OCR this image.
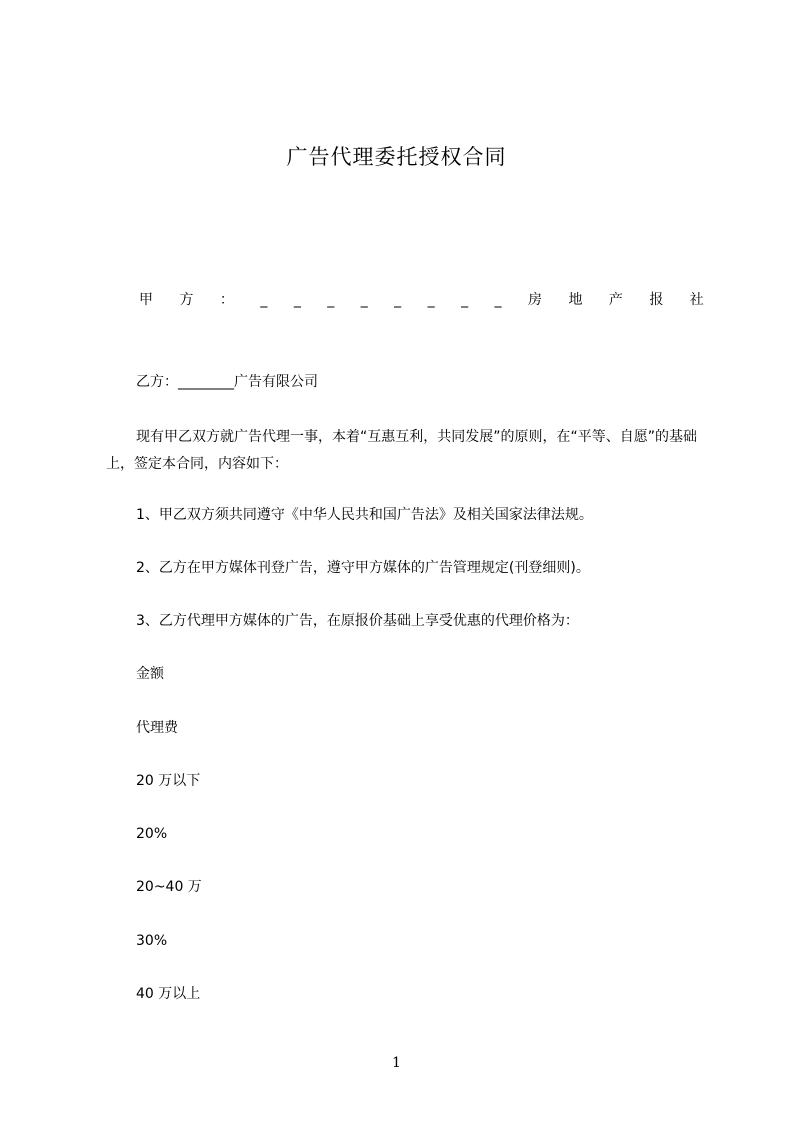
广告代理委托授权合同
甲 方 ： _ _ _ _ _ _ _ _ 房 地 产 报 社
乙方：________广告有限公司
现有甲乙双方就广告代理一事，本着“互惠互利，共同发展”的原则，在“平等、自愿”的基础上，签定本合同，内容如下：
1、甲乙双方须共同遵守《中华人民共和国广告法》及相关国家法律法规。
2、乙方在甲方媒体刊登广告，遵守甲方媒体的广告管理规定(刊登细则)。
3、乙方代理甲方媒体的广告，在原报价基础上享受优惠的代理价格为：
金额
代理费
20 万以下
20%
20~40 万
30%
40 万以上
1
